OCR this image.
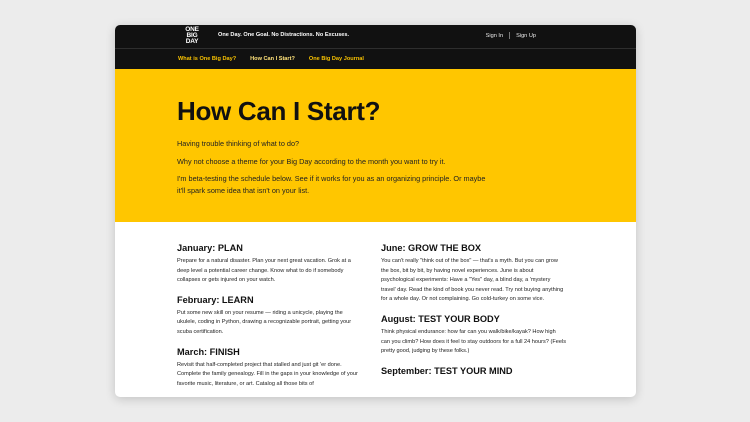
ONE
BIG
DAY
One Day. One Goal. No Distractions. No Excuses.	Sign In Sign Up
What is One Big Day?	How Can I Start?	One Big Day Journal
How Can I Start?

Having trouble thinking of what to do?

Why not choose a theme for your Big Day according to the month you want to try it.

I'm beta-testing the schedule below. See if it works for you as an organizing principle. Or maybe it'll spark some idea that isn't on your list.

January: PLAN

Prepare for a natural disaster. Plan your next great vacation. Grok at a deep level a potential career change. Know what to do if somebody collapses or gets injured on your watch.

February: LEARN

Put some new skill on your resume — riding a unicycle, playing the ukulele, coding in Python, drawing a recognizable portrait, getting your scuba certification.

March: FINISH

Revisit that half-completed project that stalled and just git 'er done. Complete the family genealogy. Fill in the gaps in your knowledge of your favorite music, literature, or art. Catalog all those bits of

June: GROW THE BOX

You can't really "think out of the box" — that's a myth. But you can grow the box, bit by bit, by having novel experiences. June is about psychological experiments: Have a "Yes" day, a blind day, a 'mystery travel' day. Read the kind of book you never read. Try not buying anything for a whole day. Or not complaining. Go cold-turkey on some vice.

August: TEST YOUR BODY

Think physical endurance: how far can you walk/bike/kayak? How high can you climb? How does it feel to stay outdoors for a full 24 hours? (Feels pretty good, judging by these folks.)

September: TEST YOUR MIND
